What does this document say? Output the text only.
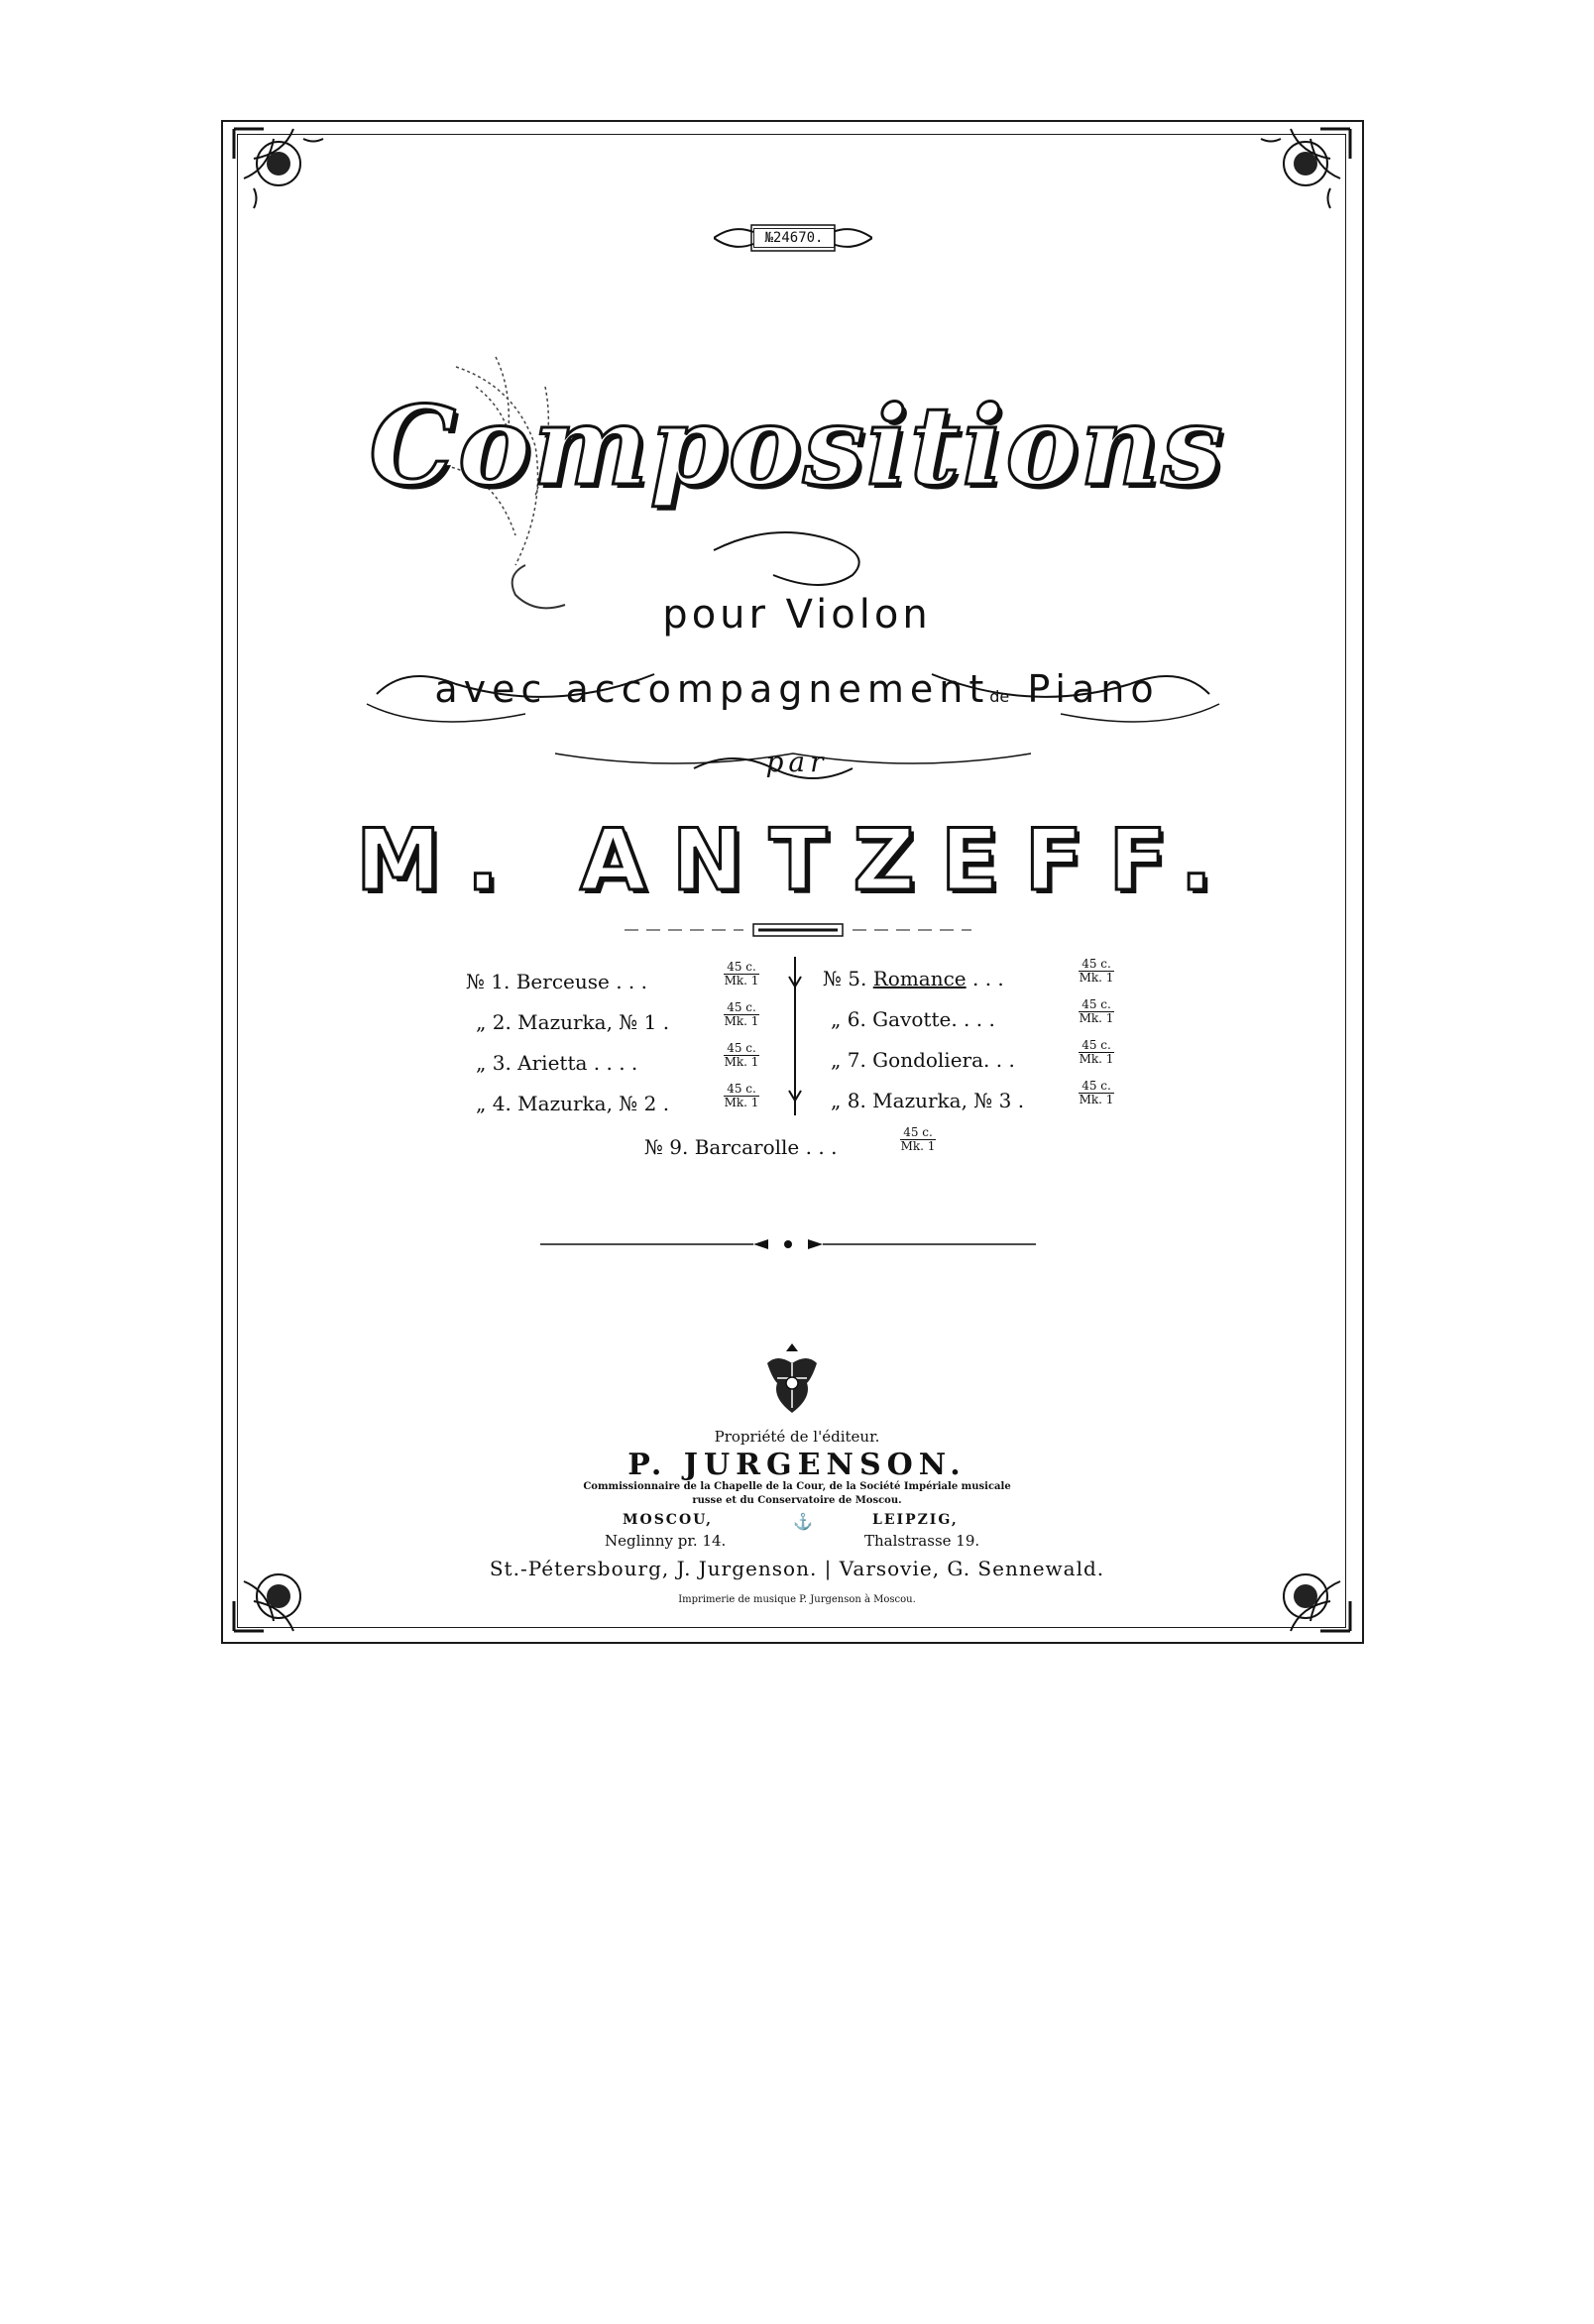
№24670.
Compositions
pour Violon
avec accompagnementde Piano
par
M. ANTZEFF.
№ 1. Berceuse . . .
45 c.
Mk. 1
„ 2. Mazurka, № 1 .
45 c.
Mk. 1
„ 3. Arietta . . . .
45 c.
Mk. 1
„ 4. Mazurka, № 2 .
45 c.
Mk. 1
№ 5. Romance . . .
45 c.
Mk. 1
„ 6. Gavotte. . . .
45 c.
Mk. 1
„ 7. Gondoliera. . .
45 c.
Mk. 1
„ 8. Mazurka, № 3 .
45 c.
Mk. 1
№ 9. Barcarolle . . .
45 c.
Mk. 1
Propriété de l'éditeur.
P. JURGENSON.
Commissionnaire de la Chapelle de la Cour, de la Société Impériale musicale
russe et du Conservatoire de Moscou.
MOSCOU,
Neglinny pr. 14.
⚓	LEIPZIG,
Thalstrasse 19.
St.-Pétersbourg, J. Jurgenson. | Varsovie, G. Sennewald.
Imprimerie de musique P. Jurgenson à Moscou.
